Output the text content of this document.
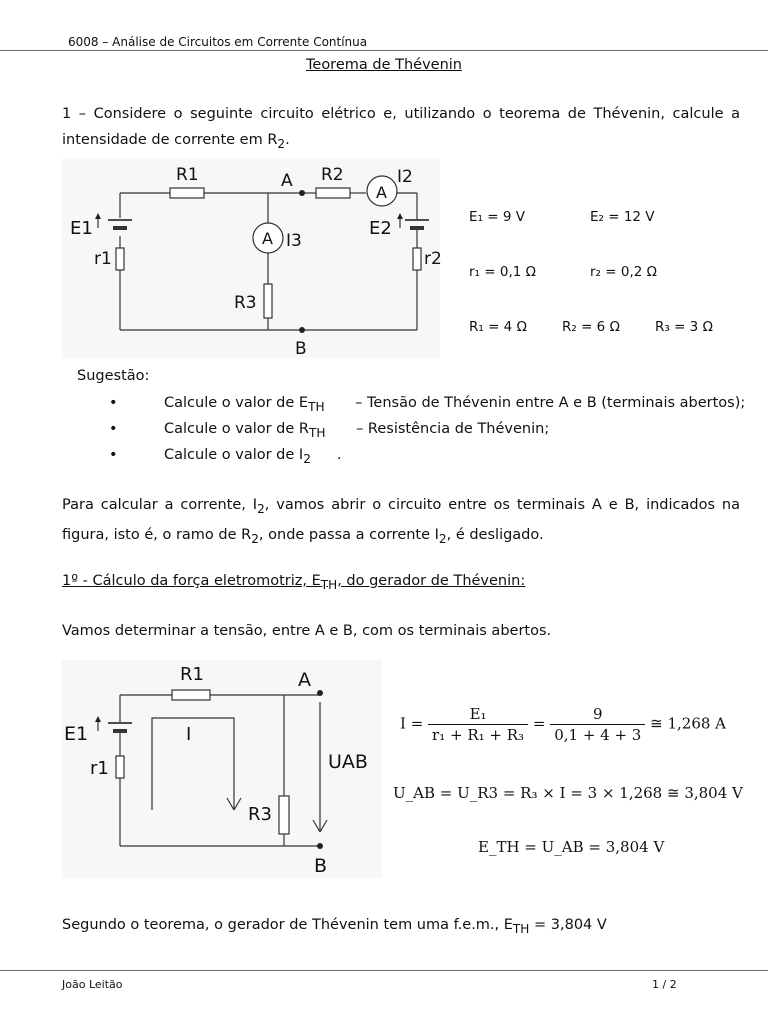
6008 – Análise de Circuitos em Corrente Contínua
Teorema de Thévenin
1 – Considere o seguinte circuito elétrico e, utilizando o teorema de Thévenin, calcule a intensidade de corrente em $R_2$.
R1	A R2	I2
A
A I3
E1	E2
r1	r2
R3
B
E₁ = 9 V	E₂ = 12 V
r₁ = 0,1 Ω	r₂ = 0,2 Ω
R₁ = 4 Ω	R₂ = 6 Ω	R₃ = 3 Ω
Sugestão:
• Calcule o valor de $E_{TH}$ – Tensão de Thévenin entre A e B (terminais abertos);
• Calcule o valor de $R_{TH}$ – Resistência de Thévenin;
• Calcule o valor de $I_2$ .
Para calcular a corrente, $I_2$, vamos abrir o circuito entre os terminais A e B, indicados na figura, isto é, o ramo de $R_2$, onde passa a corrente $I_2$, é desligado.
1º - Cálculo da força eletromotriz, $E_{TH}$, do gerador de Thévenin:
Vamos determinar a tensão, entre A e B, com os terminais abertos.
R1	A
I
E1
r1	UAB
R3
B
$I = \frac{\text{E₁}}{\text{r₁ + R₁ + R₃}} = \frac{9}{0,1 + 4 + 3}$ ≅ 1,268 A
U_AB = U_R3 = R₃ × I = 3 × 1,268 ≅ 3,804 V
E_TH = U_AB = 3,804 V
Segundo o teorema, o gerador de Thévenin tem uma f.e.m., $E_{TH} = 3,804$ V
João Leitão	1 / 2
